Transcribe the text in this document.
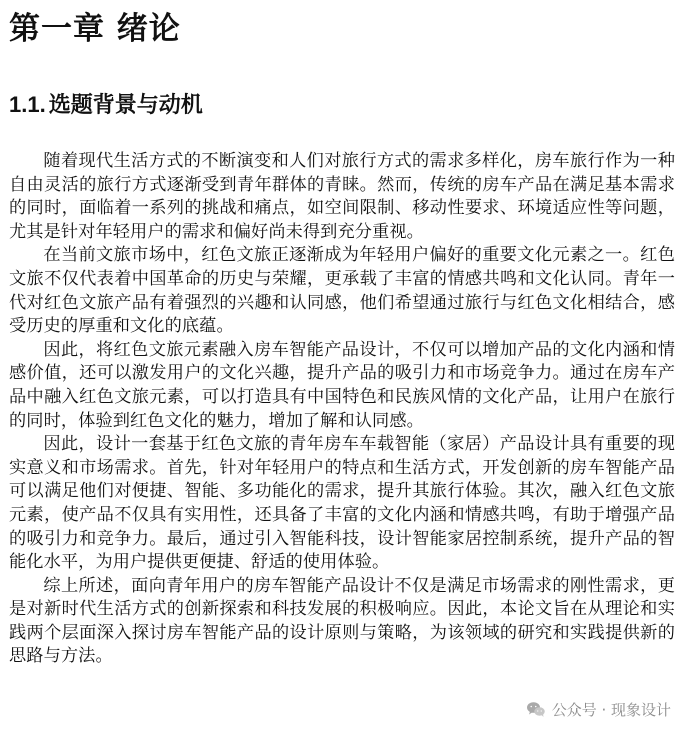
第一章 绪论
1.1. 选题背景与动机

随着现代生活方式的不断演变和人们对旅行方式的需求多样化，房车旅行作为一种自由灵活的旅行方式逐渐受到青年群体的青睐。然而，传统的房车产品在满足基本需求的同时，面临着一系列的挑战和痛点，如空间限制、移动性要求、环境适应性等问题，尤其是针对年轻用户的需求和偏好尚未得到充分重视。

在当前文旅市场中，红色文旅正逐渐成为年轻用户偏好的重要文化元素之一。红色文旅不仅代表着中国革命的历史与荣耀，更承载了丰富的情感共鸣和文化认同。青年一代对红色文旅产品有着强烈的兴趣和认同感，他们希望通过旅行与红色文化相结合，感受历史的厚重和文化的底蕴。

因此，将红色文旅元素融入房车智能产品设计，不仅可以增加产品的文化内涵和情感价值，还可以激发用户的文化兴趣，提升产品的吸引力和市场竞争力。通过在房车产品中融入红色文旅元素，可以打造具有中国特色和民族风情的文化产品，让用户在旅行的同时，体验到红色文化的魅力，增加了解和认同感。

因此，设计一套基于红色文旅的青年房车车载智能（家居）产品设计具有重要的现实意义和市场需求。首先，针对年轻用户的特点和生活方式，开发创新的房车智能产品可以满足他们对便捷、智能、多功能化的需求，提升其旅行体验。其次，融入红色文旅元素，使产品不仅具有实用性，还具备了丰富的文化内涵和情感共鸣，有助于增强产品的吸引力和竞争力。最后，通过引入智能科技，设计智能家居控制系统，提升产品的智能化水平，为用户提供更便捷、舒适的使用体验。

综上所述，面向青年用户的房车智能产品设计不仅是满足市场需求的刚性需求，更是对新时代生活方式的创新探索和科技发展的积极响应。因此，本论文旨在从理论和实践两个层面深入探讨房车智能产品的设计原则与策略，为该领域的研究和实践提供新的思路与方法。

公众号 · 现象设计
